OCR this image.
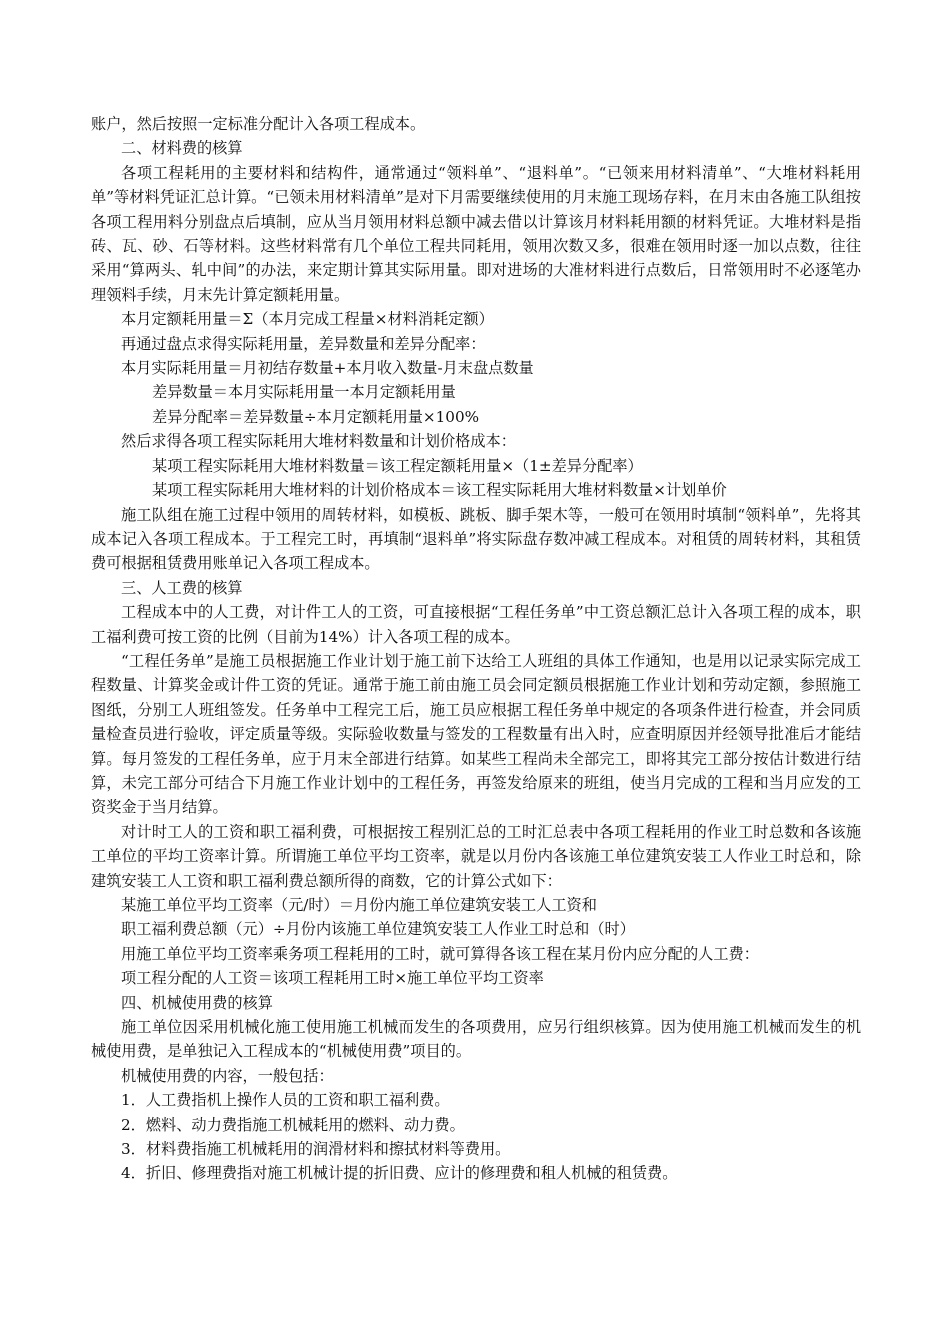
账户，然后按照一定标准分配计入各项工程成本。

二、材料费的核算

各项工程耗用的主要材料和结构件，通常通过“领料单”、“退料单”。“已领来用材料清单”、“大堆材料耗用单”等材料凭证汇总计算。“已领未用材料清单”是对下月需要继续使用的月末施工现场存料，在月末由各施工队组按各项工程用料分别盘点后填制，应从当月领用材料总额中减去借以计算该月材料耗用额的材料凭证。大堆材料是指砖、瓦、砂、石等材料。这些材料常有几个单位工程共同耗用，领用次数又多，很难在领用时逐一加以点数，往往采用“算两头、轧中间”的办法，来定期计算其实际用量。即对进场的大准材料进行点数后，日常领用时不必逐笔办理领料手续，月末先计算定额耗用量。

本月定额耗用量＝Σ（本月完成工程量×材料消耗定额）

再通过盘点求得实际耗用量，差异数量和差异分配率：

本月实际耗用量＝月初结存数量+本月收入数量-月末盘点数量

差异数量＝本月实际耗用量一本月定额耗用量

差异分配率＝差异数量÷本月定额耗用量×100%

然后求得各项工程实际耗用大堆材料数量和计划价格成本：

某项工程实际耗用大堆材料数量＝该工程定额耗用量×（1±差异分配率）

某项工程实际耗用大堆材料的计划价格成本＝该工程实际耗用大堆材料数量×计划单价

施工队组在施工过程中领用的周转材料，如模板、跳板、脚手架木等，一般可在领用时填制“领料单”，先将其成本记入各项工程成本。于工程完工时，再填制“退料单”将实际盘存数冲减工程成本。对租赁的周转材料，其租赁费可根据租赁费用账单记入各项工程成本。

三、人工费的核算

工程成本中的人工费，对计件工人的工资，可直接根据“工程任务单”中工资总额汇总计入各项工程的成本，职工福利费可按工资的比例（目前为14%）计入各项工程的成本。

“工程任务单”是施工员根据施工作业计划于施工前下达给工人班组的具体工作通知，也是用以记录实际完成工程数量、计算奖金或计件工资的凭证。通常于施工前由施工员会同定额员根据施工作业计划和劳动定额，参照施工图纸，分别工人班组签发。任务单中工程完工后，施工员应根据工程任务单中规定的各项条件进行检查，并会同质量检查员进行验收，评定质量等级。实际验收数量与签发的工程数量有出入时，应查明原因并经领导批准后才能结算。每月签发的工程任务单，应于月末全部进行结算。如某些工程尚未全部完工，即将其完工部分按估计数进行结算，未完工部分可结合下月施工作业计划中的工程任务，再签发给原来的班组，使当月完成的工程和当月应发的工资奖金于当月结算。

对计时工人的工资和职工福利费，可根据按工程别汇总的工时汇总表中各项工程耗用的作业工时总数和各该施工单位的平均工资率计算。所谓施工单位平均工资率，就是以月份内各该施工单位建筑安装工人作业工时总和，除建筑安装工人工资和职工福利费总额所得的商数，它的计算公式如下：

某施工单位平均工资率（元/时）＝月份内施工单位建筑安装工人工资和

职工福利费总额（元）÷月份内该施工单位建筑安装工人作业工时总和（时）

用施工单位平均工资率乘务项工程耗用的工时，就可算得各该工程在某月份内应分配的人工费：

项工程分配的人工资＝该项工程耗用工时×施工单位平均工资率

四、机械使用费的核算

施工单位因采用机械化施工使用施工机械而发生的各项费用，应另行组织核算。因为使用施工机械而发生的机械使用费，是单独记入工程成本的“机械使用费”项目的。

机械使用费的内容，一般包括：

1．人工费指机上操作人员的工资和职工福利费。

2．燃料、动力费指施工机械耗用的燃料、动力费。

3．材料费指施工机械耗用的润滑材料和擦拭材料等费用。

4．折旧、修理费指对施工机械计提的折旧费、应计的修理费和租人机械的租赁费。
